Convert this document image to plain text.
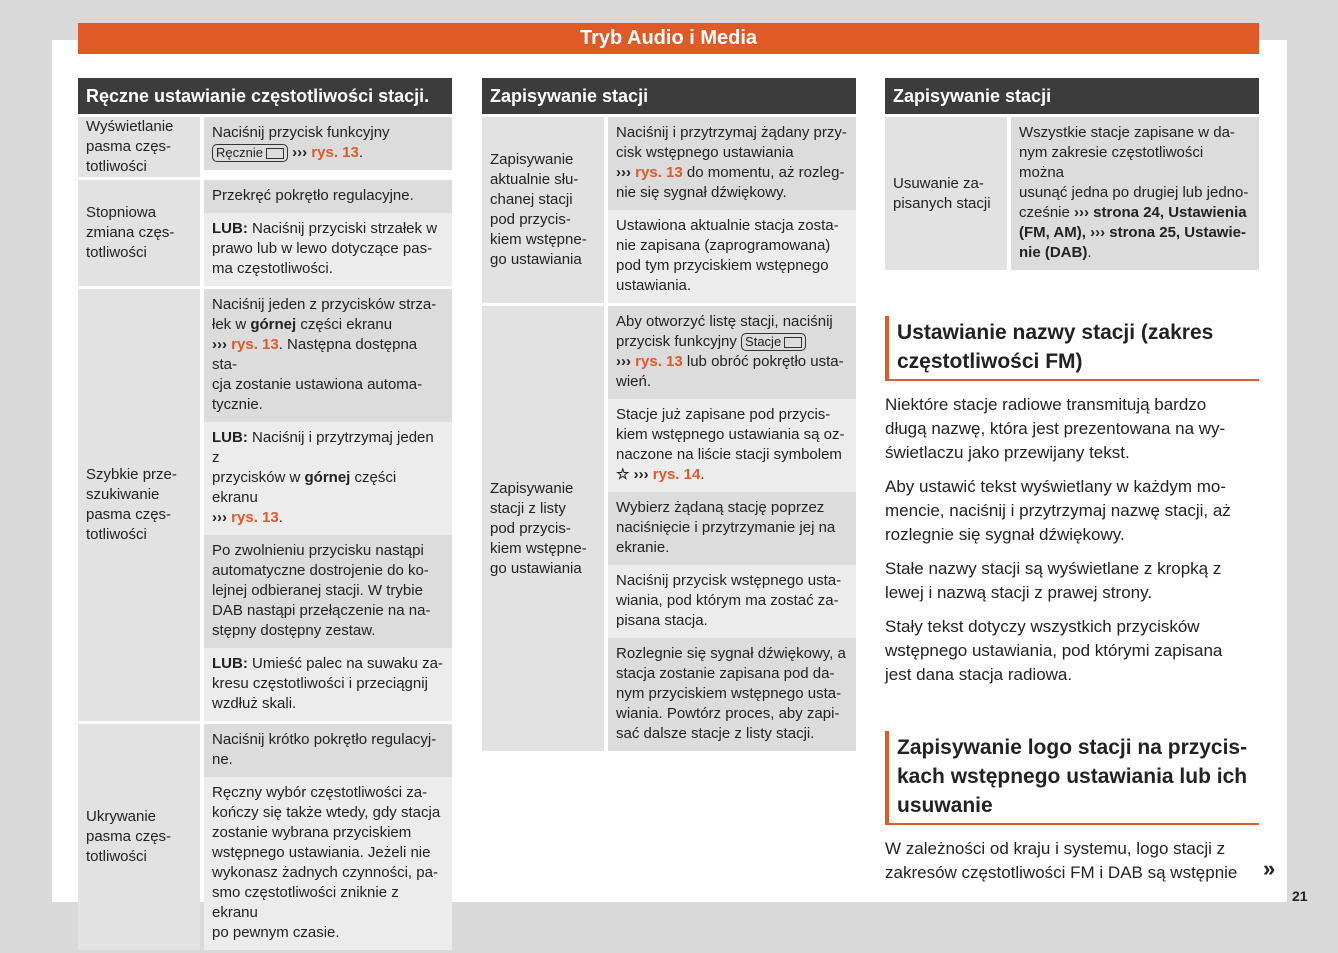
Tryb Audio i Media
Ręczne ustawianie częstotliwości stacji.
Wyświetlanie
pasma częs-
totliwości
Naciśnij przycisk funkcyjny
Ręcznie ››› rys. 13.
Stopniowa
zmiana częs-
totliwości
Przekręć pokrętło regulacyjne.
LUB: Naciśnij przyciski strzałek w
prawo lub w lewo dotyczące pas-
ma częstotliwości.
Szybkie prze-
szukiwanie
pasma częs-
totliwości
Naciśnij jeden z przycisków strza-
łek w górnej części ekranu
››› rys. 13. Następna dostępna sta-
cja zostanie ustawiona automa-
tycznie.
LUB: Naciśnij i przytrzymaj jeden z
przycisków w górnej części ekranu
››› rys. 13.
Po zwolnieniu przycisku nastąpi
automatyczne dostrojenie do ko-
lejnej odbieranej stacji. W trybie
DAB nastąpi przełączenie na na-
stępny dostępny zestaw.
LUB: Umieść palec na suwaku za-
kresu częstotliwości i przeciągnij
wzdłuż skali.
Ukrywanie
pasma częs-
totliwości
Naciśnij krótko pokrętło regulacyj-
ne.
Ręczny wybór częstotliwości za-
kończy się także wtedy, gdy stacja
zostanie wybrana przyciskiem
wstępnego ustawiania. Jeżeli nie
wykonasz żadnych czynności, pa-
smo częstotliwości zniknie z ekranu
po pewnym czasie.
Zapisywanie stacji
Zapisywanie
aktualnie słu-
chanej stacji
pod przycis-
kiem wstępne-
go ustawiania
Naciśnij i przytrzymaj żądany przy-
cisk wstępnego ustawiania
››› rys. 13 do momentu, aż rozleg-
nie się sygnał dźwiękowy.
Ustawiona aktualnie stacja zosta-
nie zapisana (zaprogramowana)
pod tym przyciskiem wstępnego
ustawiania.
Zapisywanie
stacji z listy
pod przycis-
kiem wstępne-
go ustawiania
Aby otworzyć listę stacji, naciśnij
przycisk funkcyjny Stacje
››› rys. 13 lub obróć pokrętło usta-
wień.
Stacje już zapisane pod przycis-
kiem wstępnego ustawiania są oz-
naczone na liście stacji symbolem
☆ ››› rys. 14.
Wybierz żądaną stację poprzez
naciśnięcie i przytrzymanie jej na
ekranie.
Naciśnij przycisk wstępnego usta-
wiania, pod którym ma zostać za-
pisana stacja.
Rozlegnie się sygnał dźwiękowy, a
stacja zostanie zapisana pod da-
nym przyciskiem wstępnego usta-
wiania. Powtórz proces, aby zapi-
sać dalsze stacje z listy stacji.
Zapisywanie stacji
Usuwanie za-
pisanych stacji
Wszystkie stacje zapisane w da-
nym zakresie częstotliwości można
usunąć jedna po drugiej lub jedno-
cześnie ››› strona 24, Ustawienia
(FM, AM), ››› strona 25, Ustawie-
nie (DAB).
Ustawianie nazwy stacji (zakres
częstotliwości FM)
Niektóre stacje radiowe transmitują bardzo
długą nazwę, która jest prezentowana na wy-
świetlaczu jako przewijany tekst.
Aby ustawić tekst wyświetlany w każdym mo-
mencie, naciśnij i przytrzymaj nazwę stacji, aż
rozlegnie się sygnał dźwiękowy.
Stałe nazwy stacji są wyświetlane z kropką z
lewej i nazwą stacji z prawej strony.
Stały tekst dotyczy wszystkich przycisków
wstępnego ustawiania, pod którymi zapisana
jest dana stacja radiowa.
Zapisywanie logo stacji na przycis-
kach wstępnego ustawiania lub ich
usuwanie
W zależności od kraju i systemu, logo stacji z
zakresów częstotliwości FM i DAB są wstępnie »
21
